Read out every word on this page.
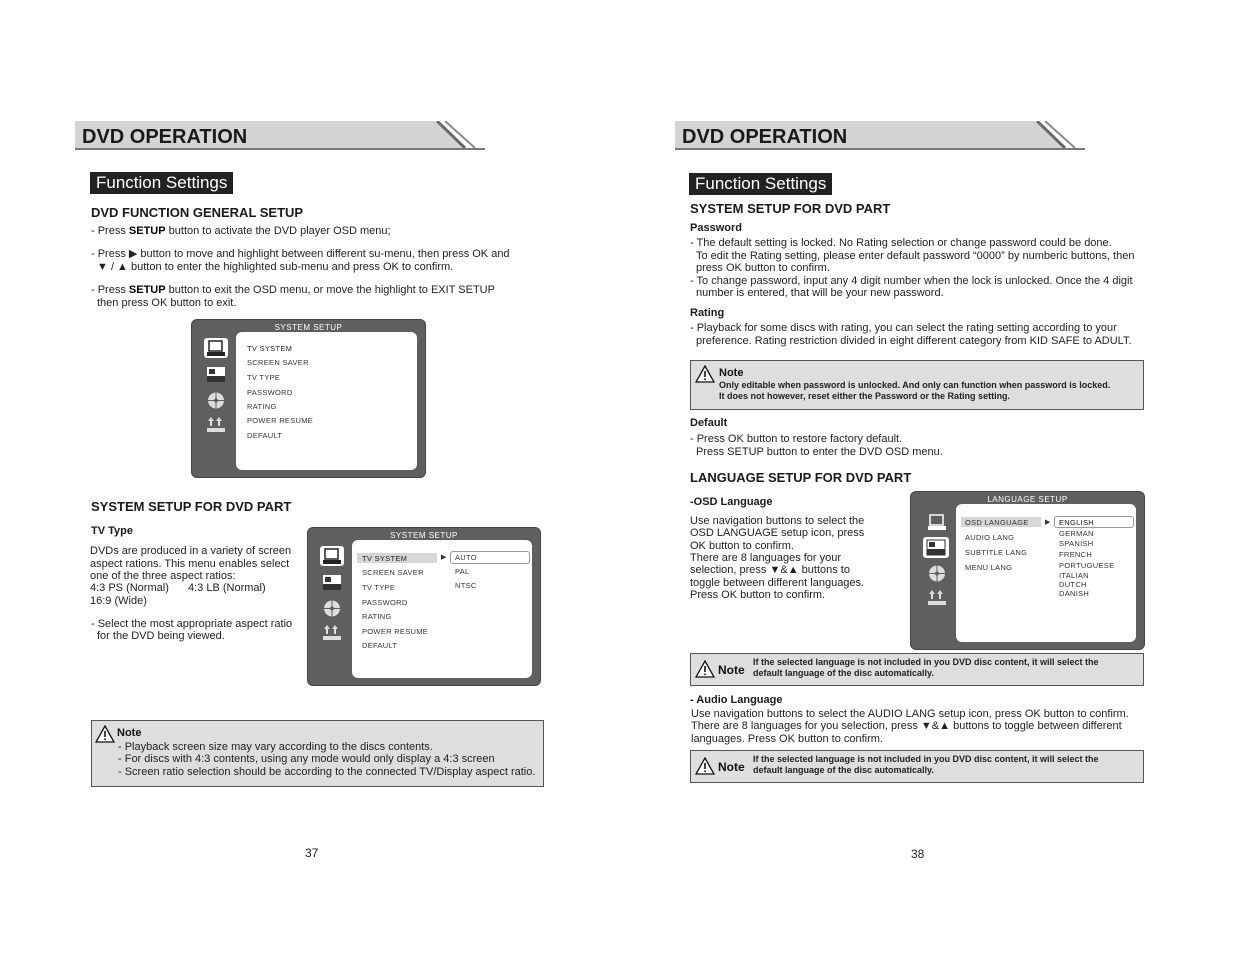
DVD OPERATION
Function Settings
DVD FUNCTION GENERAL SETUP
- Press SETUP button to activate the DVD player OSD menu;
- Press ▶ button to move and highlight between different su-menu, then press OK and
▼ / ▲ button to enter the highlighted sub-menu and press OK to confirm.
- Press SETUP button to exit the OSD menu, or move the highlight to EXIT SETUP
then press OK button to exit.
SYSTEM SETUP
TV SYSTEM
SCREEN SAVER
TV TYPE
PASSWORD
RATING
POWER RESUME
DEFAULT
SYSTEM SETUP FOR DVD PART
TV Type
DVDs are produced in a variety of screen
aspect rations. This menu enables select
one of the three aspect ratios:
4:3 PS (Normal) 4:3 LB (Normal)
16:9 (Wide)
- Select the most appropriate aspect ratio
for the DVD being viewed.
SYSTEM SETUP
TV SYSTEM
SCREEN SAVER
TV TYPE
PASSWORD
RATING
POWER RESUME
DEFAULT
▶ AUTO
PAL
NTSC
Note
- Playback screen size may vary according to the discs contents.
- For discs with 4:3 contents, using any mode would only display a 4:3 screen
- Screen ratio selection should be according to the connected TV/Display aspect ratio.
37
DVD OPERATION
Function Settings
SYSTEM SETUP FOR DVD PART
Password
- The default setting is locked. No Rating selection or change password could be done.
To edit the Rating setting, please enter default password “0000” by numberic buttons, then
press OK button to confirm.
- To change password, input any 4 digit number when the lock is unlocked. Once the 4 digit
number is entered, that will be your new password.
Rating
- Playback for some discs with rating, you can select the rating setting according to your
preference. Rating restriction divided in eight different category from KID SAFE to ADULT.
Note
Only editable when password is unlocked. And only can function when password is locked.
It does not however, reset either the Password or the Rating setting.
Default
- Press OK button to restore factory default.
Press SETUP button to enter the DVD OSD menu.
LANGUAGE SETUP FOR DVD PART
-OSD Language
Use navigation buttons to select the
OSD LANGUAGE setup icon, press
OK button to confirm.
There are 8 languages for your
selection, press ▼&▲ buttons to
toggle between different languages.
Press OK button to confirm.
LANGUAGE SETUP
OSD LANGUAGE
AUDIO LANG
SUBTITLE LANG
MENU LANG
▶ ENGLISH
GERMAN
SPANISH
FRENCH
PORTUGUESE
ITALIAN
DUTCH
DANISH
Note
If the selected language is not included in you DVD disc content, it will select the
default language of the disc automatically.
- Audio Language
Use navigation buttons to select the AUDIO LANG setup icon, press OK button to confirm.
There are 8 languages for you selection, press ▼&▲ buttons to toggle between different
languages. Press OK button to confirm.
Note
If the selected language is not included in you DVD disc content, it will select the
default language of the disc automatically.
38
